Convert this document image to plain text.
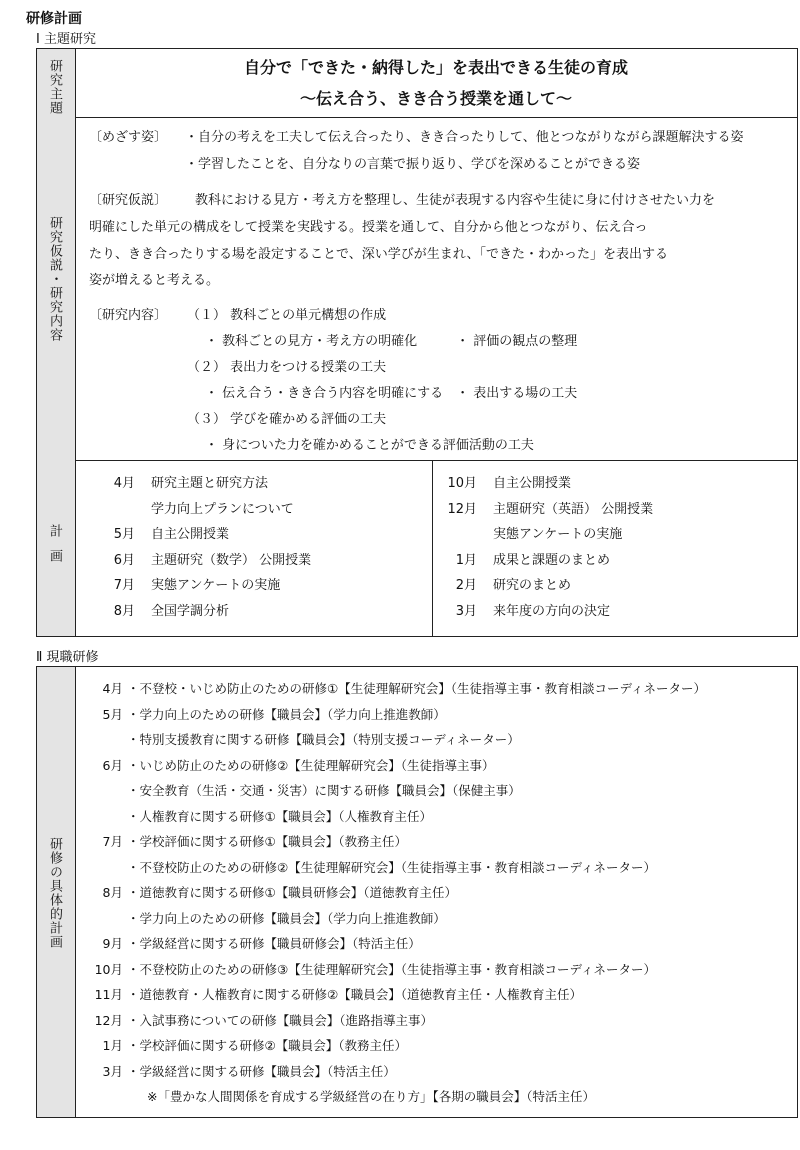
研修計画
Ⅰ 主題研究
研究主題	自分で「できた・納得した」を表出できる生徒の育成
～伝え合う、きき合う授業を通して～
研究仮説・研究内容
〔めざす姿〕 ・自分の考えを工夫して伝え合ったり、きき合ったりして、他とつながりながら課題解決する姿
・学習したことを、自分なりの言葉で振り返り、学びを深めることができる姿
〔研究仮説〕 教科における見方・考え方を整理し、生徒が表現する内容や生徒に身に付けさせたい力を
明確にした単元の構成をして授業を実践する。授業を通して、自分から他とつながり、伝え合っ
たり、きき合ったりする場を設定することで、深い学びが生まれ、「できた・わかった」を表出する
姿が増えると考える。
〔研究内容〕 （１） 教科ごとの単元構想の作成
・ 教科ごとの見方・考え方の明確化　　　・ 評価の観点の整理
（２） 表出力をつける授業の工夫
・ 伝え合う・きき合う内容を明確にする　・ 表出する場の工夫
（３） 学びを確かめる評価の工夫
・ 身についた力を確かめることができる評価活動の工夫
計画
4月 研究主題と研究方法
学力向上プランについて
5月 自主公開授業
6月 主題研究（数学） 公開授業
7月 実態アンケートの実施
8月 全国学調分析
10月 自主公開授業
12月 主題研究（英語） 公開授業
実態アンケートの実施
1月 成果と課題のまとめ
2月 研究のまとめ
3月 来年度の方向の決定
Ⅱ 現職研修
研修の具体的計画
4月 ・不登校・いじめ防止のための研修①【生徒理解研究会】（生徒指導主事・教育相談コーディネーター）
5月 ・学力向上のための研修【職員会】（学力向上推進教師）
・特別支援教育に関する研修【職員会】（特別支援コーディネーター）
6月 ・いじめ防止のための研修②【生徒理解研究会】（生徒指導主事）
・安全教育（生活・交通・災害）に関する研修【職員会】（保健主事）
・人権教育に関する研修①【職員会】（人権教育主任）
7月 ・学校評価に関する研修①【職員会】（教務主任）
・不登校防止のための研修②【生徒理解研究会】（生徒指導主事・教育相談コーディネーター）
8月 ・道徳教育に関する研修①【職員研修会】（道徳教育主任）
・学力向上のための研修【職員会】（学力向上推進教師）
9月 ・学級経営に関する研修【職員研修会】（特活主任）
10月 ・不登校防止のための研修③【生徒理解研究会】（生徒指導主事・教育相談コーディネーター）
11月 ・道徳教育・人権教育に関する研修②【職員会】（道徳教育主任・人権教育主任）
12月 ・入試事務についての研修【職員会】（進路指導主事）
1月 ・学校評価に関する研修②【職員会】（教務主任）
3月 ・学級経営に関する研修【職員会】（特活主任）
※「豊かな人間関係を育成する学級経営の在り方」【各期の職員会】（特活主任）
